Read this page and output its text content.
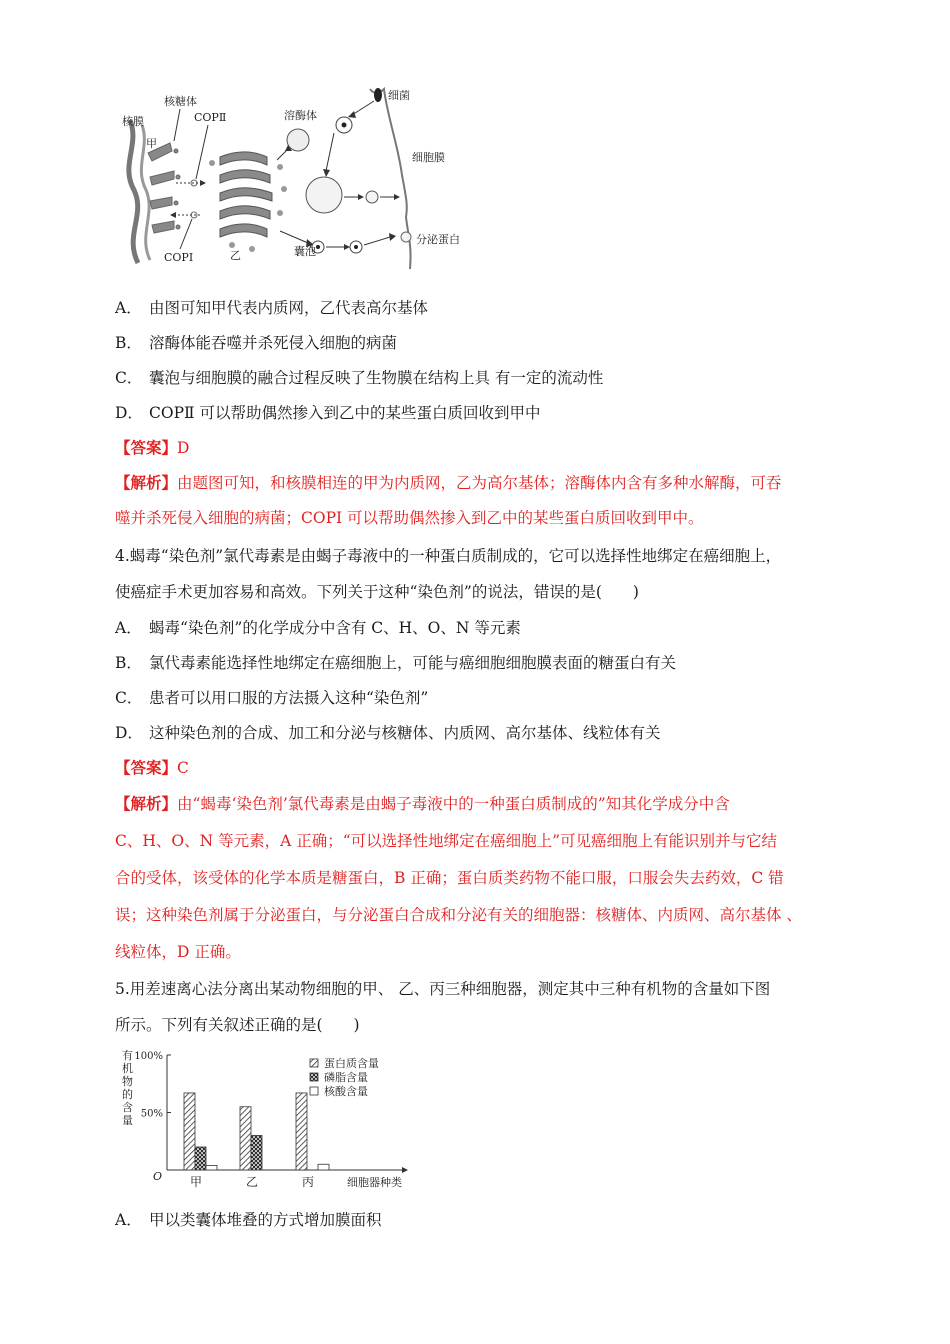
核膜
核糖体
COPⅡ
甲
COPⅠ	乙
溶酶体
细菌
细胞膜
囊泡
分泌蛋白
A． 由图可知甲代表内质网，乙代表高尔基体
B． 溶酶体能吞噬并杀死侵入细胞的病菌
C． 囊泡与细胞膜的融合过程反映了生物膜在结构上具 有一定的流动性
D． COPⅡ 可以帮助偶然掺入到乙中的某些蛋白质回收到甲中
【答案】D
【解析】由题图可知，和核膜相连的甲为内质网，乙为高尔基体；溶酶体内含有多种水解酶，可吞
噬并杀死侵入细胞的病菌；COPⅠ 可以帮助偶然掺入到乙中的某些蛋白质回收到甲中。
4.蝎毒“染色剂”氯代毒素是由蝎子毒液中的一种蛋白质制成的，它可以选择性地绑定在癌细胞上，
使癌症手术更加容易和高效。下列关于这种“染色剂”的说法，错误的是(　　)
A． 蝎毒“染色剂”的化学成分中含有 C、H、O、N 等元素
B． 氯代毒素能选择性地绑定在癌细胞上，可能与癌细胞细胞膜表面的糖蛋白有关
C． 患者可以用口服的方法摄入这种“染色剂”
D． 这种染色剂的合成、加工和分泌与核糖体、内质网、高尔基体、线粒体有关
【答案】C
【解析】由“蝎毒‘染色剂’氯代毒素是由蝎子毒液中的一种蛋白质制成的”知其化学成分中含
C、H、O、N 等元素，A 正确；“可以选择性地绑定在癌细胞上”可见癌细胞上有能识别并与它结
合的受体，该受体的化学本质是糖蛋白，B 正确；蛋白质类药物不能口服，口服会失去药效，C 错
误；这种染色剂属于分泌蛋白，与分泌蛋白合成和分泌有关的细胞器：核糖体、内质网、高尔基体 、
线粒体，D 正确。
5.用差速离心法分离出某动物细胞的甲、 乙、丙三种细胞器，测定其中三种有机物的含量如下图
所示。下列有关叙述正确的是(　　)
100%
50%
有
机
物
的
含
量
O 甲	乙	丙	细胞器种类
蛋白质含量
磷脂含量
核酸含量
A． 甲以类囊体堆叠的方式增加膜面积
